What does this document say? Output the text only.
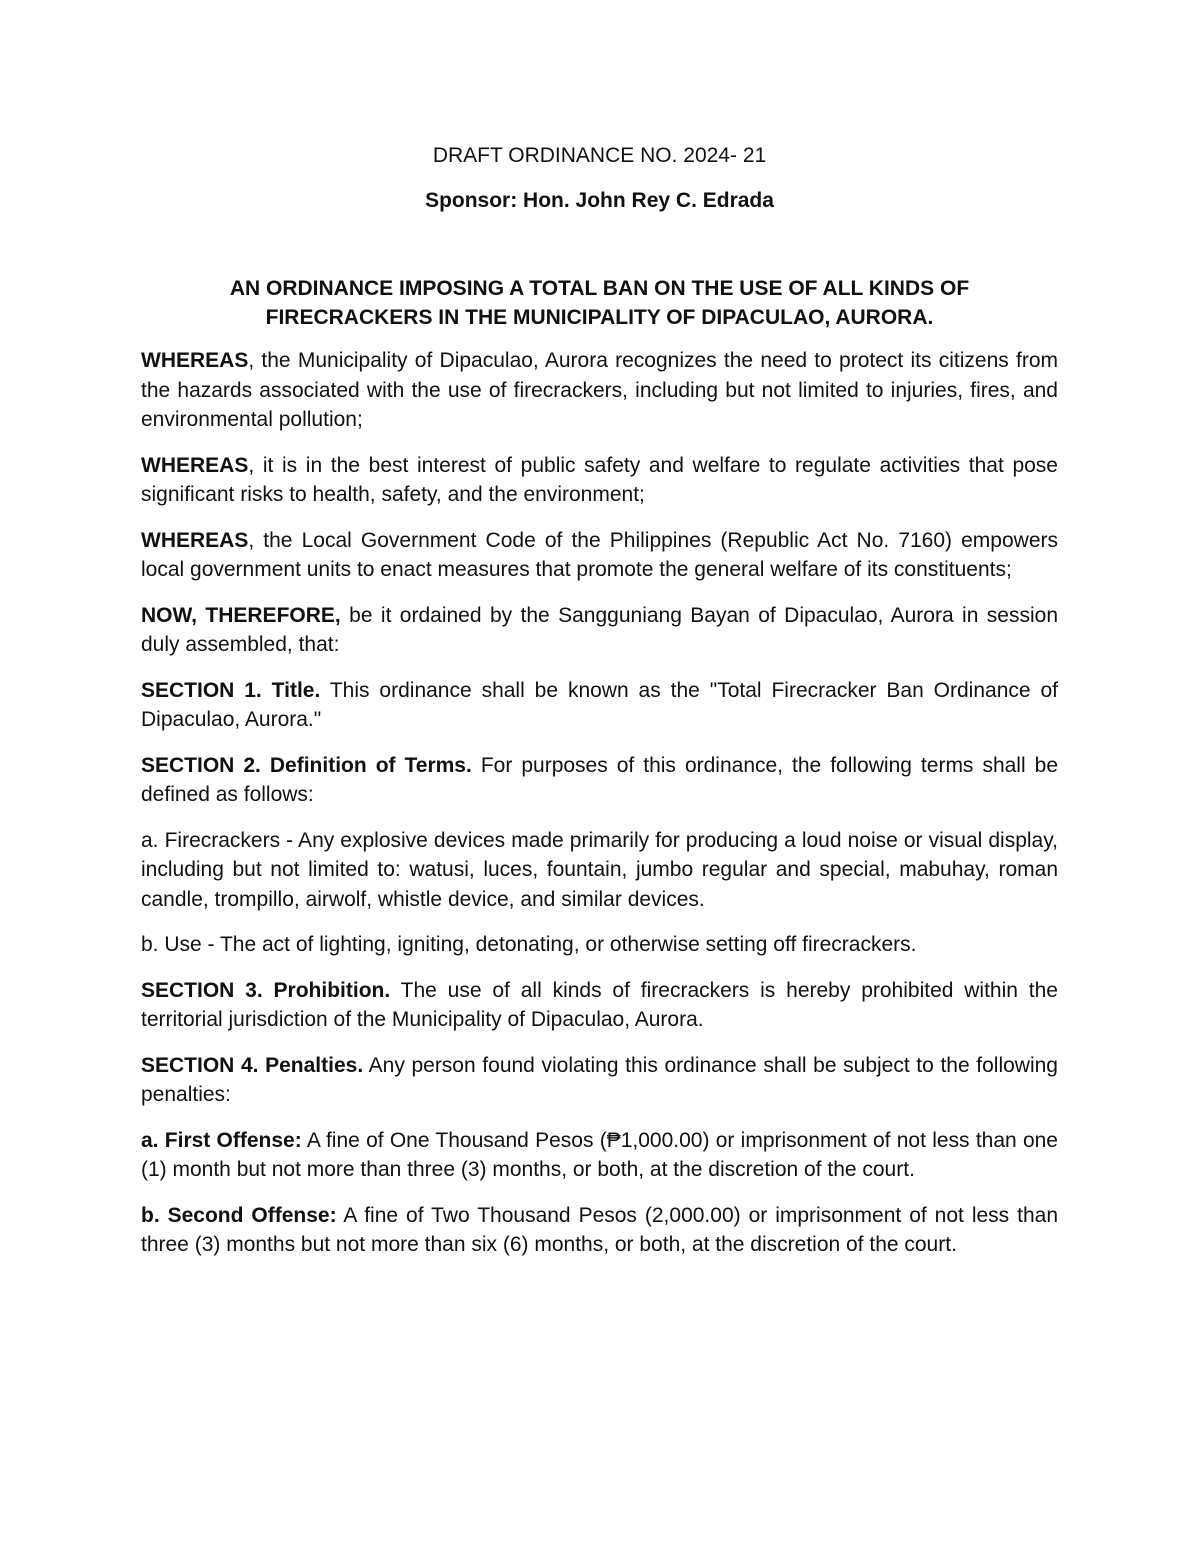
DRAFT ORDINANCE NO. 2024- 21

Sponsor: Hon. John Rey C. Edrada

AN ORDINANCE IMPOSING A TOTAL BAN ON THE USE OF ALL KINDS OF
FIRECRACKERS IN THE MUNICIPALITY OF DIPACULAO, AURORA.

WHEREAS, the Municipality of Dipaculao, Aurora recognizes the need to protect its citizens from the hazards associated with the use of firecrackers, including but not limited to injuries, fires, and environmental pollution;

WHEREAS, it is in the best interest of public safety and welfare to regulate activities that pose significant risks to health, safety, and the environment;

WHEREAS, the Local Government Code of the Philippines (Republic Act No. 7160) empowers local government units to enact measures that promote the general welfare of its constituents;

NOW, THEREFORE, be it ordained by the Sangguniang Bayan of Dipaculao, Aurora in session duly assembled, that:

SECTION 1. Title. This ordinance shall be known as the "Total Firecracker Ban Ordinance of Dipaculao, Aurora."

SECTION 2. Definition of Terms. For purposes of this ordinance, the following terms shall be defined as follows:

a. Firecrackers - Any explosive devices made primarily for producing a loud noise or visual display, including but not limited to: watusi, luces, fountain, jumbo regular and special, mabuhay, roman candle, trompillo, airwolf, whistle device, and similar devices.

b. Use - The act of lighting, igniting, detonating, or otherwise setting off firecrackers.

SECTION 3. Prohibition. The use of all kinds of firecrackers is hereby prohibited within the territorial jurisdiction of the Municipality of Dipaculao, Aurora.

SECTION 4. Penalties. Any person found violating this ordinance shall be subject to the following penalties:

a. First Offense: A fine of One Thousand Pesos (₱1,000.00) or imprisonment of not less than one (1) month but not more than three (3) months, or both, at the discretion of the court.

b. Second Offense: A fine of Two Thousand Pesos (2,000.00) or imprisonment of not less than three (3) months but not more than six (6) months, or both, at the discretion of the court.
